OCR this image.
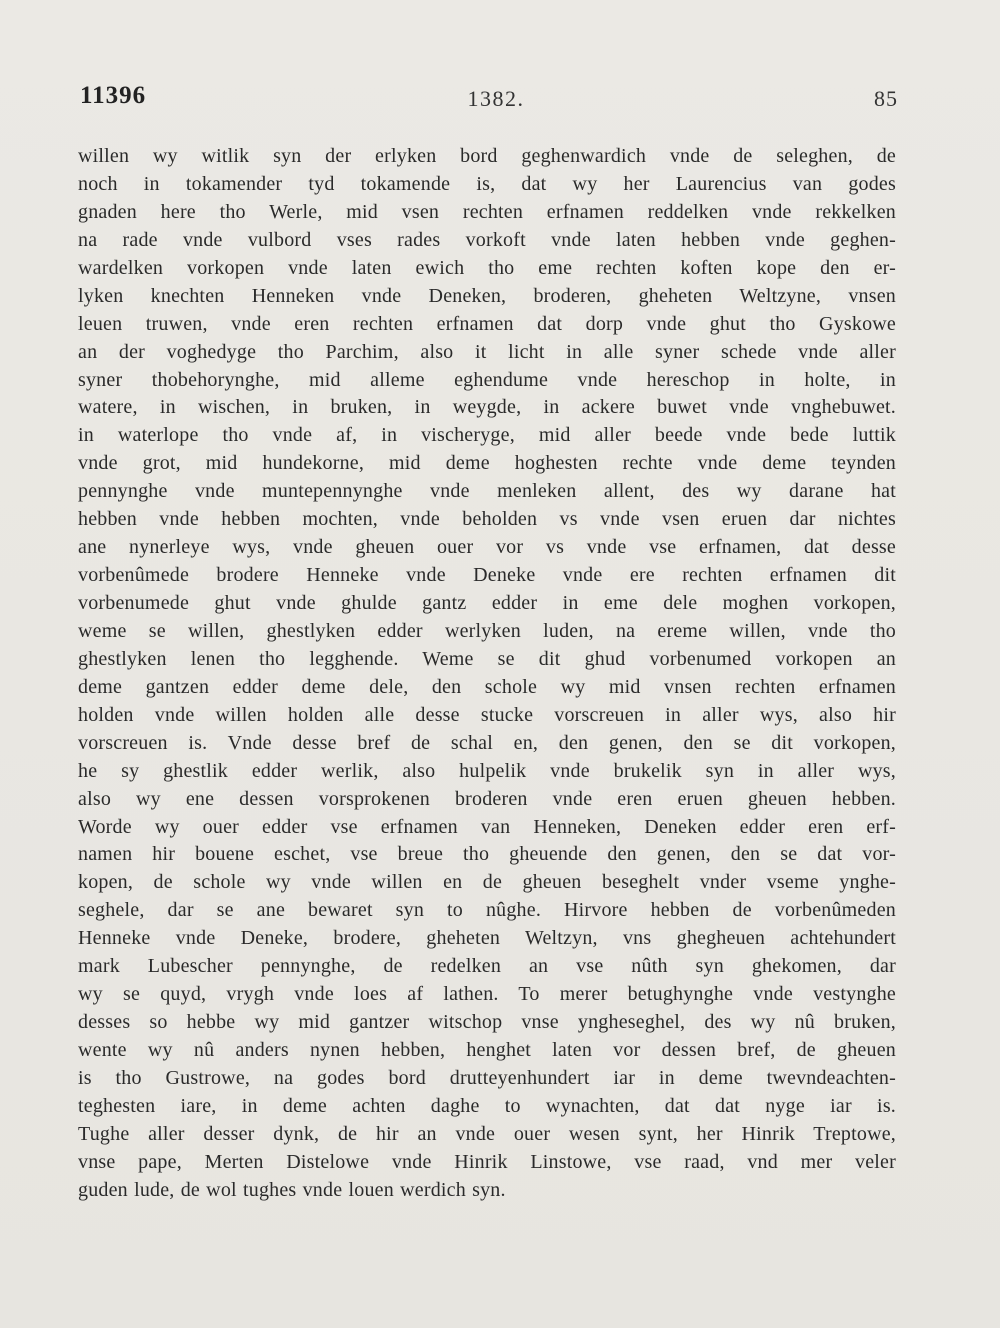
11396	1382.	85
willen wy witlik syn der erlyken bord geghenwardich vnde de seleghen, de
noch in tokamender tyd tokamende is, dat wy her Laurencius van godes
gnaden here tho Werle, mid vsen rechten erfnamen reddelken vnde rekkelken
na rade vnde vulbord vses rades vorkoft vnde laten hebben vnde geghen-
wardelken vorkopen vnde laten ewich tho eme rechten koften kope den er-
lyken knechten Henneken vnde Deneken, broderen, gheheten Weltzyne, vnsen
leuen truwen, vnde eren rechten erfnamen dat dorp vnde ghut tho Gyskowe
an der voghedyge tho Parchim, also it licht in alle syner schede vnde aller
syner thobehorynghe, mid alleme eghendume vnde hereschop in holte, in
watere, in wischen, in bruken, in weygde, in ackere buwet vnde vnghebuwet.
in waterlope tho vnde af, in vischeryge, mid aller beede vnde bede luttik
vnde grot, mid hundekorne, mid deme hoghesten rechte vnde deme teynden
pennynghe vnde muntepennynghe vnde menleken allent, des wy darane hat
hebben vnde hebben mochten, vnde beholden vs vnde vsen eruen dar nichtes
ane nynerleye wys, vnde gheuen ouer vor vs vnde vse erfnamen, dat desse
vorbenûmede brodere Henneke vnde Deneke vnde ere rechten erfnamen dit
vorbenumede ghut vnde ghulde gantz edder in eme dele moghen vorkopen,
weme se willen, ghestlyken edder werlyken luden, na ereme willen, vnde tho
ghestlyken lenen tho legghende. Weme se dit ghud vorbenumed vorkopen an
deme gantzen edder deme dele, den schole wy mid vnsen rechten erfnamen
holden vnde willen holden alle desse stucke vorscreuen in aller wys, also hir
vorscreuen is. Vnde desse bref de schal en, den genen, den se dit vorkopen,
he sy ghestlik edder werlik, also hulpelik vnde brukelik syn in aller wys,
also wy ene dessen vorsprokenen broderen vnde eren eruen gheuen hebben.
Worde wy ouer edder vse erfnamen van Henneken, Deneken edder eren erf-
namen hir bouene eschet, vse breue tho gheuende den genen, den se dat vor-
kopen, de schole wy vnde willen en de gheuen beseghelt vnder vseme ynghe-
seghele, dar se ane bewaret syn to nûghe. Hirvore hebben de vorbenûmeden
Henneke vnde Deneke, brodere, gheheten Weltzyn, vns ghegheuen achtehundert
mark Lubescher pennynghe, de redelken an vse nûth syn ghekomen, dar
wy se quyd, vrygh vnde loes af lathen. To merer betughynghe vnde vestynghe
desses so hebbe wy mid gantzer witschop vnse yngheseghel, des wy nû bruken,
wente wy nû anders nynen hebben, henghet laten vor dessen bref, de gheuen
is tho Gustrowe, na godes bord drutteyenhundert iar in deme twevndeachten-
teghesten iare, in deme achten daghe to wynachten, dat dat nyge iar is.
Tughe aller desser dynk, de hir an vnde ouer wesen synt, her Hinrik Treptowe,
vnse pape, Merten Distelowe vnde Hinrik Linstowe, vse raad, vnd mer veler
guden lude, de wol tughes vnde louen werdich syn.
